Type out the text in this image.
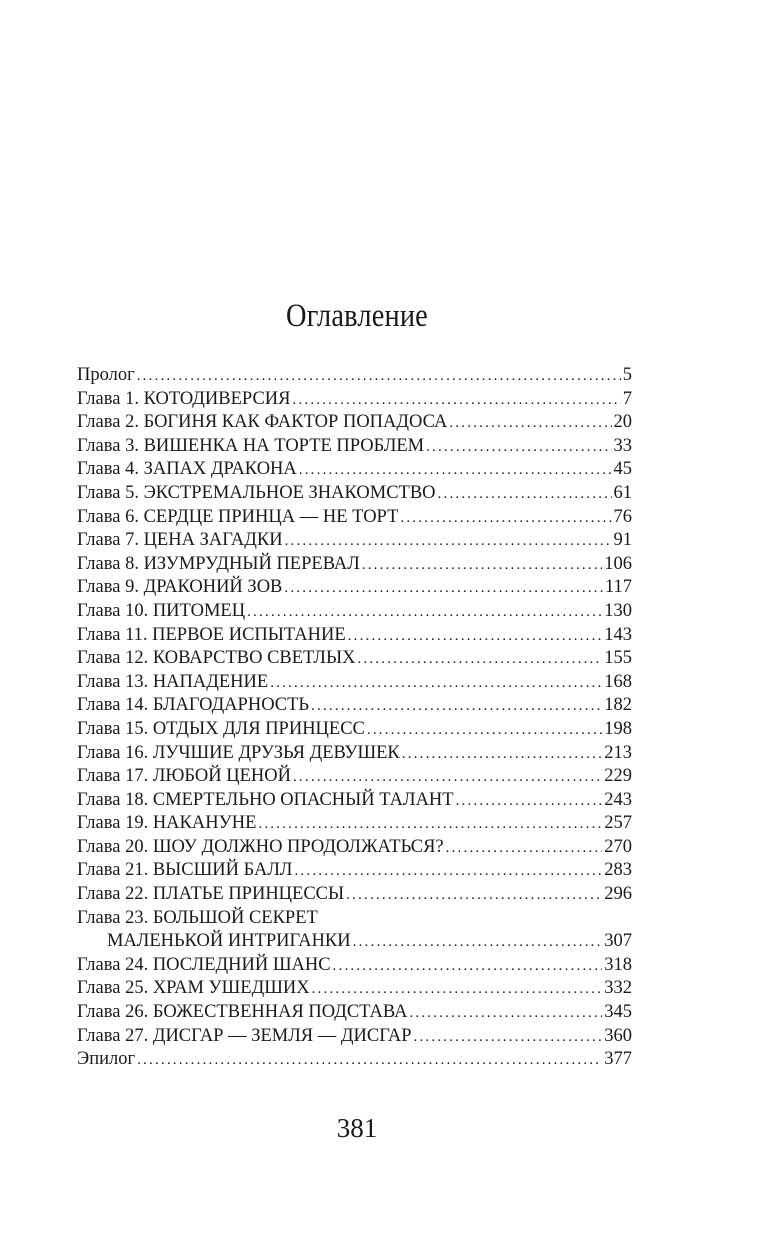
Оглавление
Пролог .....	5
Глава 1. КОТОДИВЕРСИЯ .....	7
Глава 2. БОГИНЯ КАК ФАКТОР ПОПАДОСА .....	20
Глава 3. ВИШЕНКА НА ТОРТЕ ПРОБЛЕМ .....	33
Глава 4. ЗАПАХ ДРАКОНА .....	45
Глава 5. ЭКСТРЕМАЛЬНОЕ ЗНАКОМСТВО .....	61
Глава 6. СЕРДЦЕ ПРИНЦА — НЕ ТОРТ .....	76
Глава 7. ЦЕНА ЗАГАДКИ .....	91
Глава 8. ИЗУМРУДНЫЙ ПЕРЕВАЛ .....	106
Глава 9. ДРАКОНИЙ ЗОВ .....	117
Глава 10. ПИТОМЕЦ .....	130
Глава 11. ПЕРВОЕ ИСПЫТАНИЕ .....	143
Глава 12. КОВАРСТВО СВЕТЛЫХ .....	155
Глава 13. НАПАДЕНИЕ .....	168
Глава 14. БЛАГОДАРНОСТЬ .....	182
Глава 15. ОТДЫХ ДЛЯ ПРИНЦЕСС .....	198
Глава 16. ЛУЧШИЕ ДРУЗЬЯ ДЕВУШЕК .....	213
Глава 17. ЛЮБОЙ ЦЕНОЙ .....	229
Глава 18. СМЕРТЕЛЬНО ОПАСНЫЙ ТАЛАНТ .....	243
Глава 19. НАКАНУНЕ .....	257
Глава 20. ШОУ ДОЛЖНО ПРОДОЛЖАТЬСЯ? .....	270
Глава 21. ВЫСШИЙ БАЛЛ .....	283
Глава 22. ПЛАТЬЕ ПРИНЦЕССЫ .....	296
Глава 23. БОЛЬШОЙ СЕКРЕТ
МАЛЕНЬКОЙ ИНТРИГАНКИ .....	307
Глава 24. ПОСЛЕДНИЙ ШАНС .....	318
Глава 25. ХРАМ УШЕДШИХ .....	332
Глава 26. БОЖЕСТВЕННАЯ ПОДСТАВА .....	345
Глава 27. ДИСГАР — ЗЕМЛЯ — ДИСГАР .....	360
Эпилог .....	377
381
